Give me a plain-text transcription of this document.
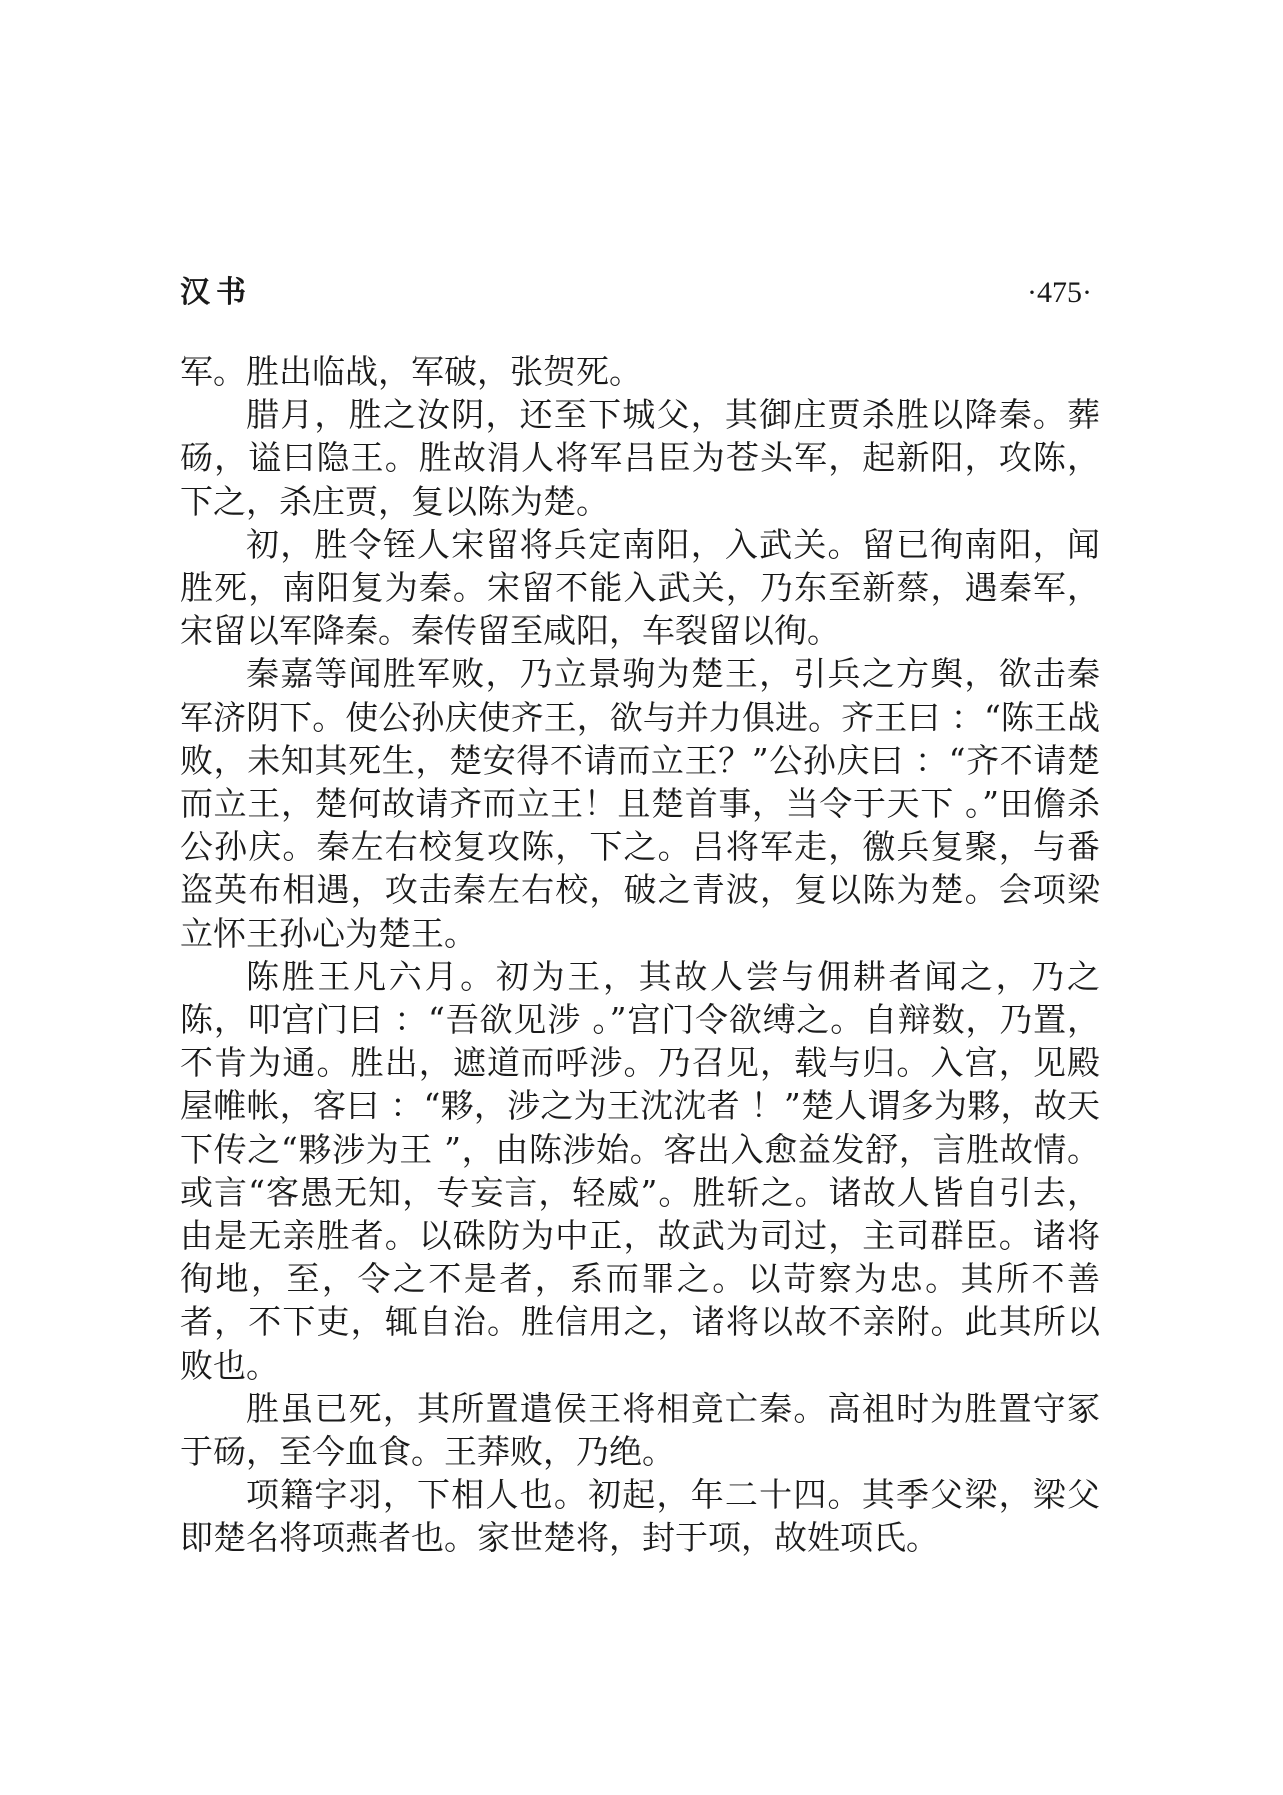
汉书	·475·

军。胜出临战，军破，张贺死。

腊月，胜之汝阴，还至下城父，其御庄贾杀胜以降秦。葬砀，谥曰隐王。胜故涓人将军吕臣为苍头军，起新阳，攻陈，下之，杀庄贾，复以陈为楚。

初，胜令铚人宋留将兵定南阳，入武关。留已徇南阳，闻胜死，南阳复为秦。宋留不能入武关，乃东至新蔡，遇秦军，宋留以军降秦。秦传留至咸阳，车裂留以徇。

秦嘉等闻胜军败，乃立景驹为楚王，引兵之方舆，欲击秦军济阴下。使公孙庆使齐王，欲与并力俱进。齐王曰 ：“陈王战败，未知其死生，楚安得不请而立王？”公孙庆曰 ：“齐不请楚而立王，楚何故请齐而立王！且楚首事，当令于天下 。”田儋杀公孙庆。秦左右校复攻陈，下之。吕将军走，徼兵复聚，与番盗英布相遇，攻击秦左右校，破之青波，复以陈为楚。会项梁立怀王孙心为楚王。

陈胜王凡六月。初为王，其故人尝与佣耕者闻之，乃之陈，叩宫门曰 ：“吾欲见涉 。”宫门令欲缚之。自辩数，乃置，不肯为通。胜出，遮道而呼涉。乃召见，载与归。入宫，见殿屋帷帐，客曰 ：“夥，涉之为王沈沈者 ！”楚人谓多为夥，故天下传之“夥涉为王 ”，由陈涉始。客出入愈益发舒，言胜故情。或言“客愚无知，专妄言，轻威”。胜斩之。诸故人皆自引去，由是无亲胜者。以硃防为中正，故武为司过，主司群臣。诸将徇地，至，令之不是者，系而罪之。以苛察为忠。其所不善者，不下吏，辄自治。胜信用之，诸将以故不亲附。此其所以败也。

胜虽已死，其所置遣侯王将相竟亡秦。高祖时为胜置守冢于砀，至今血食。王莽败，乃绝。

项籍字羽，下相人也。初起，年二十四。其季父梁，梁父即楚名将项燕者也。家世楚将，封于项，故姓项氏。
